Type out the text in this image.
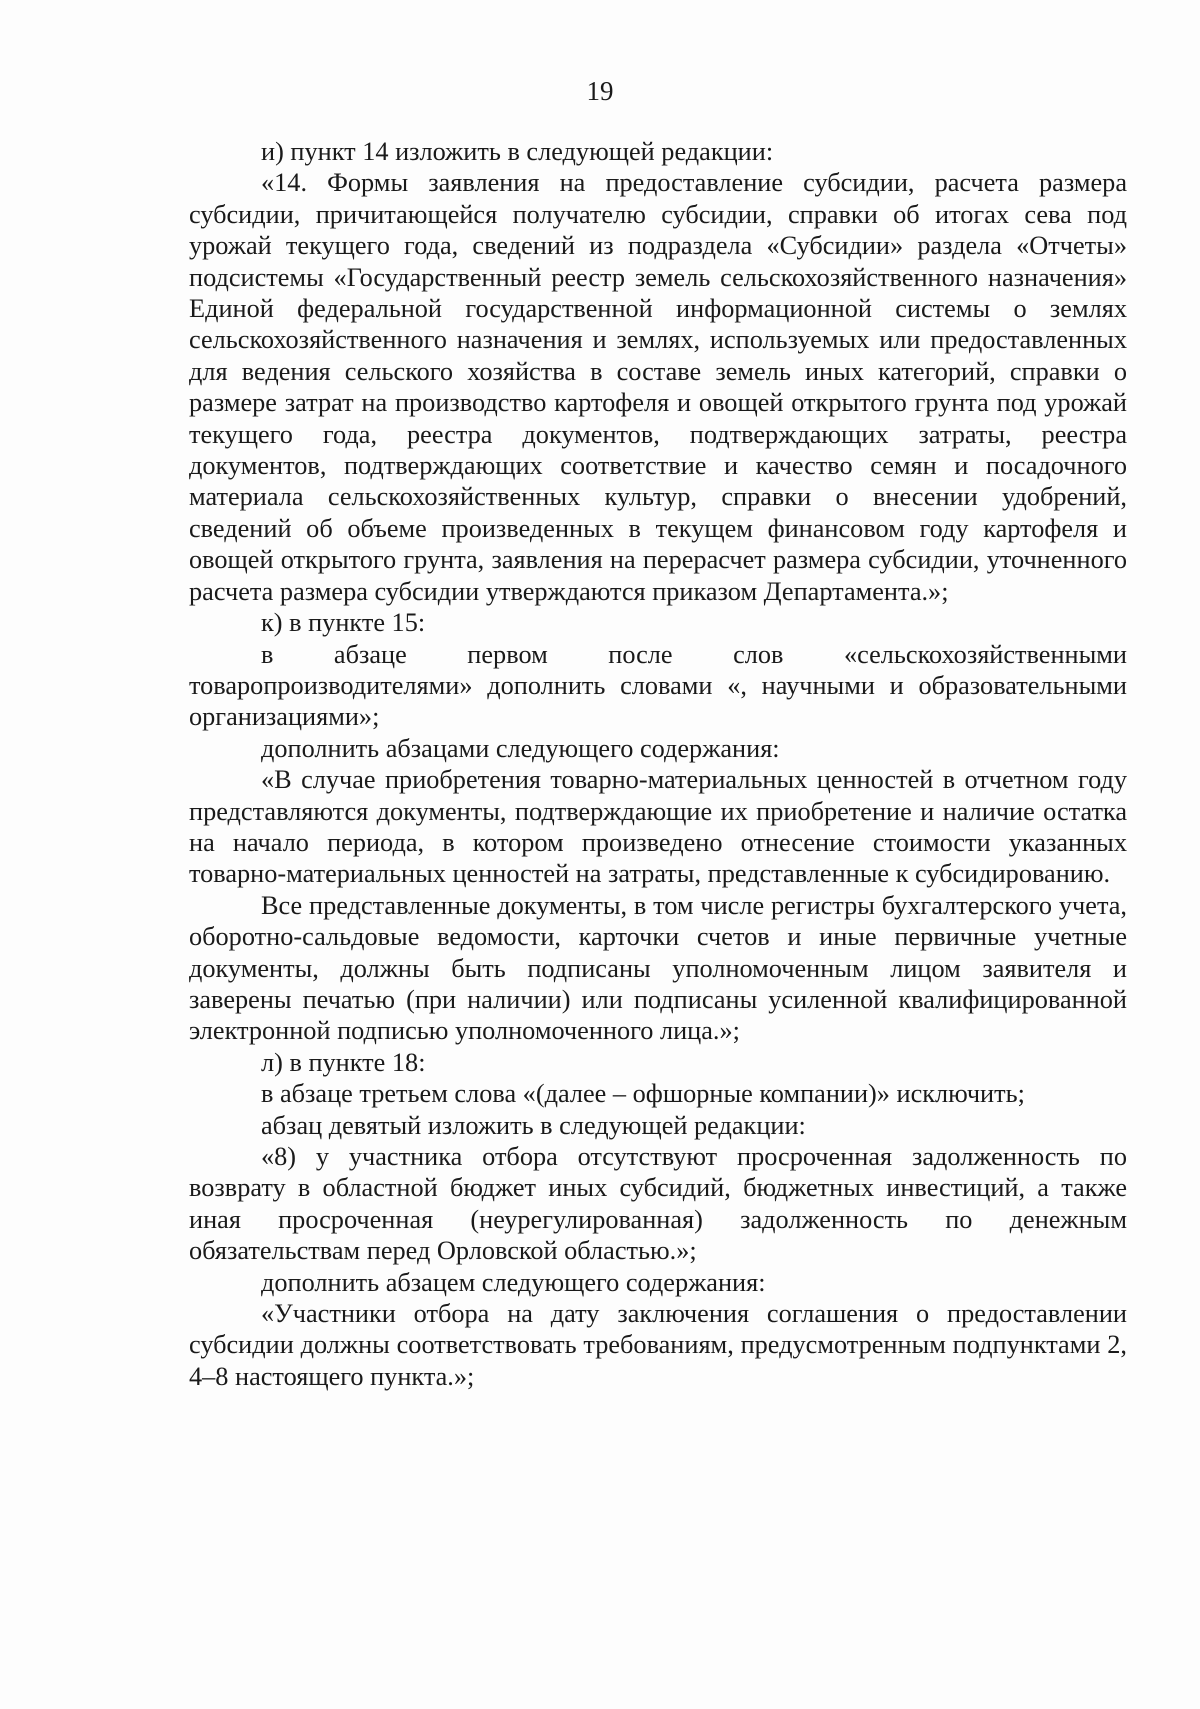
19

и) пункт 14 изложить в следующей редакции:

«14. Формы заявления на предоставление субсидии, расчета размера субсидии, причитающейся получателю субсидии, справки об итогах сева под урожай текущего года, сведений из подраздела «Субсидии» раздела «Отчеты» подсистемы «Государственный реестр земель сельскохозяйственного назначения» Единой федеральной государственной информационной системы о землях сельскохозяйственного назначения и землях, используемых или предоставленных для ведения сельского хозяйства в составе земель иных категорий, справки о размере затрат на производство картофеля и овощей открытого грунта под урожай текущего года, реестра документов, подтверждающих затраты, реестра документов, подтверждающих соответствие и качество семян и посадочного материала сельскохозяйственных культур, справки о внесении удобрений, сведений об объеме произведенных в текущем финансовом году картофеля и овощей открытого грунта, заявления на перерасчет размера субсидии, уточненного расчета размера субсидии утверждаются приказом Департамента.»;

к) в пункте 15:

в абзаце первом после слов «сельскохозяйственными товаропроизводителями» дополнить словами «, научными и образовательными организациями»;

дополнить абзацами следующего содержания:

«В случае приобретения товарно-материальных ценностей в отчетном году представляются документы, подтверждающие их приобретение и наличие остатка на начало периода, в котором произведено отнесение стоимости указанных товарно-материальных ценностей на затраты, представленные к субсидированию.

Все представленные документы, в том числе регистры бухгалтерского учета, оборотно-сальдовые ведомости, карточки счетов и иные первичные учетные документы, должны быть подписаны уполномоченным лицом заявителя и заверены печатью (при наличии) или подписаны усиленной квалифицированной электронной подписью уполномоченного лица.»;

л) в пункте 18:

в абзаце третьем слова «(далее – офшорные компании)» исключить;

абзац девятый изложить в следующей редакции:

«8) у участника отбора отсутствуют просроченная задолженность по возврату в областной бюджет иных субсидий, бюджетных инвестиций, а также иная просроченная (неурегулированная) задолженность по денежным обязательствам перед Орловской областью.»;

дополнить абзацем следующего содержания:

«Участники отбора на дату заключения соглашения о предоставлении субсидии должны соответствовать требованиям, предусмотренным подпунктами 2, 4–8 настоящего пункта.»;
